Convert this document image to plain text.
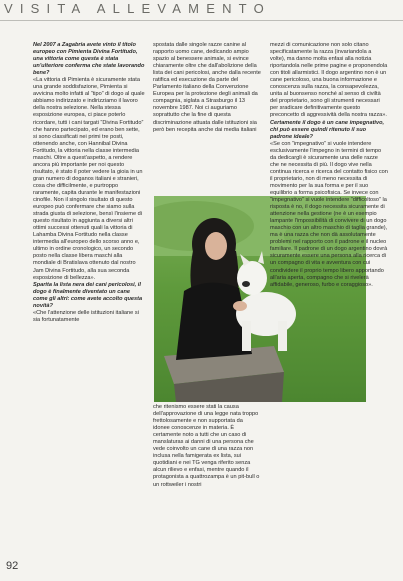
VISITA ALLEVAMENTO

Nel 2007 a Zagabria avete vinto il titolo europeo con Pimienta Divina Fortitudo, una vittoria come questa è stata un'ulteriore conferma che state lavorando bene?

«La vittoria di Pimienta è sicuramente stata una grande soddisfazione, Pimienta si avvicina molto infatti al “tipo” di dogo al quale abbiamo indirizzato e indirizziamo il lavoro della nostra selezione. Nella stessa esposizione europea, ci piace poterlo ricordare, tutti i cani targati “Divina Fortitudo” che hanno partecipato, ed erano ben sette, si sono classificati nei primi tre posti, ottenendo anche, con Hannibal Divina Fortitudo, la vittoria nella classe intermedia maschi. Oltre a quest'aspetto, a rendere ancora più importante per noi questo risultato, è stato il poter vedere la gioia in un gran numero di doganos italiani e stranieri, cosa che difficilmente, e purtroppo raramente, capita durante le manifestazioni cinofile. Non il singolo risultato di questo europeo può confermare che siamo sulla strada giusta di selezione, bensì l'insieme di questo risultato in aggiunta a diversi altri ottimi successi ottenuti quali la vittoria di Lahamba Divina Fortitudo nella classe intermedia all'europeo dello scorso anno e, ultimo in ordine cronologico, un secondo posto nella classe libera maschi alla mondiale di Bratislava ottenuto dal nostro Jam Divina Fortitudo, alla sua seconda esposizione di bellezza».

Sparita la lista nera dei cani pericolosi, il dogo è finalmente diventato un cane come gli altri: come avete accolto questa novità?

«Che l'attenzione delle istituzioni italiane si sia fortunatamente

spostata dalle singole razze canine al rapporto uomo cane, dedicando ampio spazio al benessere animale, si evince chiaramente oltre che dall'abolizione della lista dei cani pericolosi, anche dalla recente ratifica ed esecuzione da parte del Parlamento italiano della Convenzione Europea per la protezione degli animali da compagnia, siglata a Strasburgo il 13 novembre 1987. Noi ci auguriamo soprattutto che la fine di questa discriminazione attuata dalle istituzioni sia però ben recepita anche dai media italiani

che ritenismo essere stati la causa dell'approvazione di una legge nata troppo frettolosamente e non supportata da idonee conoscenze in materia. È certamente noto a tutti che un caso di manslaturas ai danni di una persona che vede coinvolto un cane di una razza non inclusa nella famigerata ex lista, sui quotidiani e nei TG venga riferito senza alcun rilievo e enfasi, mentre quando il protagonista a quattrozampa è un pit-bull o un rottweiler i nostri

mezzi di comunicazione non solo citano specificatamente la razza (invariandola a volte), ma danno molta enfasi alla notizia riportandola nelle prime pagine e proponendola con titoli allarmistici. Il dogo argentino non è un cane pericoloso, una buona informazione e conoscenza sulla razza, la consapevolezza, unita al buonsenso nonché al senso di civiltà del proprietario, sono gli strumenti necessari per sradicare definitivamente questo preconcetto di aggressività della nostra razza».

Certamente il dogo è un cane impegnativo, chi può essere quindi ritenuto il suo padrone ideale?

«Se con “impegnativo” si vuole intendere esclusivamente l'impegno in termini di tempo da dedicargli è sicuramente una delle razze che ne necessita di più. Il dogo vive nella continua ricerca e ricerca del contatto fisico con il proprietario, non di meno necessita di movimento per la sua forma e per il suo equilibrio a forma psicofisica. Se invece con “impegnativo” si vuole intendere “difficoltoso” la risposta è no, il dogo necessita sicuramente di attenzione nella gestione (ne è un esempio lampante l'impossibilità di convivere di un dogo maschio con un altro maschio di taglia grande), ma è una razza che non dà assolutamente problemi nel rapporto con il padrone e il nucleo familiare. Il padrone di un dogo argentino dovrà sicuramente essere una persona alla ricerca di un compagno di vita e avventura con cui condividere il proprio tempo libero apportando all'aria aperta, compagno che si rivelerà affidabile, generoso, furbo e coraggioso».

92
